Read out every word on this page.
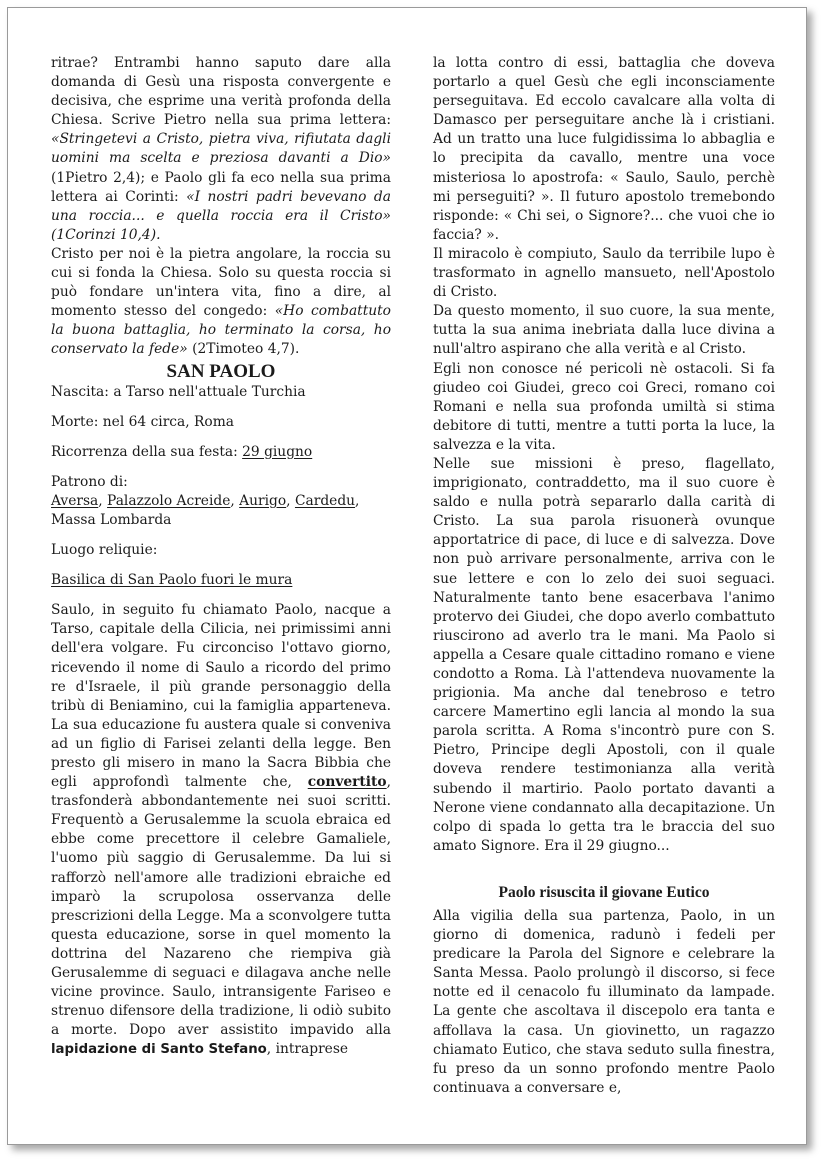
ritrae? Entrambi hanno saputo dare alla domanda di Gesù una risposta convergente e decisiva, che esprime una verità profonda della Chiesa. Scrive Pietro nella sua prima lettera: «Stringetevi a Cristo, pietra viva, rifiutata dagli uomini ma scelta e preziosa davanti a Dio» (1Pietro 2,4); e Paolo gli fa eco nella sua prima lettera ai Corinti: «I nostri padri bevevano da una roccia... e quella roccia era il Cristo» (1Corinzi 10,4).

Cristo per noi è la pietra angolare, la roccia su cui si fonda la Chiesa. Solo su questa roccia si può fondare un'intera vita, fino a dire, al momento stesso del congedo: «Ho combattuto la buona battaglia, ho terminato la corsa, ho conservato la fede» (2Timoteo 4,7).

SAN PAOLO

Nascita: a Tarso nell'attuale Turchia

Morte: nel 64 circa, Roma

Ricorrenza della sua festa: 29 giugno

Patrono di:

Aversa, Palazzolo Acreide, Aurigo, Cardedu,
Massa Lombarda

Luogo reliquie:

Basilica di San Paolo fuori le mura

Saulo, in seguito fu chiamato Paolo, nacque a Tarso, capitale della Cilicia, nei primissimi anni dell'era volgare. Fu circonciso l'ottavo giorno, ricevendo il nome di Saulo a ricordo del primo re d'Israele, il più grande personaggio della tribù di Beniamino, cui la famiglia apparteneva. La sua educazione fu austera quale si conveniva ad un figlio di Farisei zelanti della legge. Ben presto gli misero in mano la Sacra Bibbia che egli approfondì talmente che, convertito, trasfonderà abbondantemente nei suoi scritti. Frequentò a Gerusalemme la scuola ebraica ed ebbe come precettore il celebre Gamaliele, l'uomo più saggio di Gerusalemme. Da lui si rafforzò nell'amore alle tradizioni ebraiche ed imparò la scrupolosa osservanza delle prescrizioni della Legge. Ma a sconvolgere tutta questa educazione, sorse in quel momento la dottrina del Nazareno che riempiva già Gerusalemme di seguaci e dilagava anche nelle vicine province. Saulo, intransigente Fariseo e strenuo difensore della tradizione, li odiò subito a morte. Dopo aver assistito impavido alla lapidazione di Santo Stefano, intraprese

la lotta contro di essi, battaglia che doveva portarlo a quel Gesù che egli inconsciamente perseguitava. Ed eccolo cavalcare alla volta di Damasco per perseguitare anche là i cristiani. Ad un tratto una luce fulgidissima lo abbaglia e lo precipita da cavallo, mentre una voce misteriosa lo apostrofa: « Saulo, Saulo, perchè mi perseguiti? ». Il futuro apostolo tremebondo risponde: « Chi sei, o Signore?... che vuoi che io faccia? ».

Il miracolo è compiuto, Saulo da terribile lupo è trasformato in agnello mansueto, nell'Apostolo di Cristo.

Da questo momento, il suo cuore, la sua mente, tutta la sua anima inebriata dalla luce divina a null'altro aspirano che alla verità e al Cristo.

Egli non conosce né pericoli nè ostacoli. Si fa giudeo coi Giudei, greco coi Greci, romano coi Romani e nella sua profonda umiltà si stima debitore di tutti, mentre a tutti porta la luce, la salvezza e la vita.

Nelle sue missioni è preso, flagellato, imprigionato, contraddetto, ma il suo cuore è saldo e nulla potrà separarlo dalla carità di Cristo. La sua parola risuonerà ovunque apportatrice di pace, di luce e di salvezza. Dove non può arrivare personalmente, arriva con le sue lettere e con lo zelo dei suoi seguaci. Naturalmente tanto bene esacerbava l'animo protervo dei Giudei, che dopo averlo combattuto riuscirono ad averlo tra le mani. Ma Paolo si appella a Cesare quale cittadino romano e viene condotto a Roma. Là l'attendeva nuovamente la prigionia. Ma anche dal tenebroso e tetro carcere Mamertino egli lancia al mondo la sua parola scritta. A Roma s'incontrò pure con S. Pietro, Principe degli Apostoli, con il quale doveva rendere testimonianza alla verità subendo il martirio. Paolo portato davanti a Nerone viene condannato alla decapitazione. Un colpo di spada lo getta tra le braccia del suo amato Signore. Era il 29 giugno...

Paolo risuscita il giovane Eutico

Alla vigilia della sua partenza, Paolo, in un giorno di domenica, radunò i fedeli per predicare la Parola del Signore e celebrare la Santa Messa. Paolo prolungò il discorso, si fece notte ed il cenacolo fu illuminato da lampade. La gente che ascoltava il discepolo era tanta e affollava la casa. Un giovinetto, un ragazzo chiamato Eutico, che stava seduto sulla finestra, fu preso da un sonno profondo mentre Paolo continuava a conversare e,
